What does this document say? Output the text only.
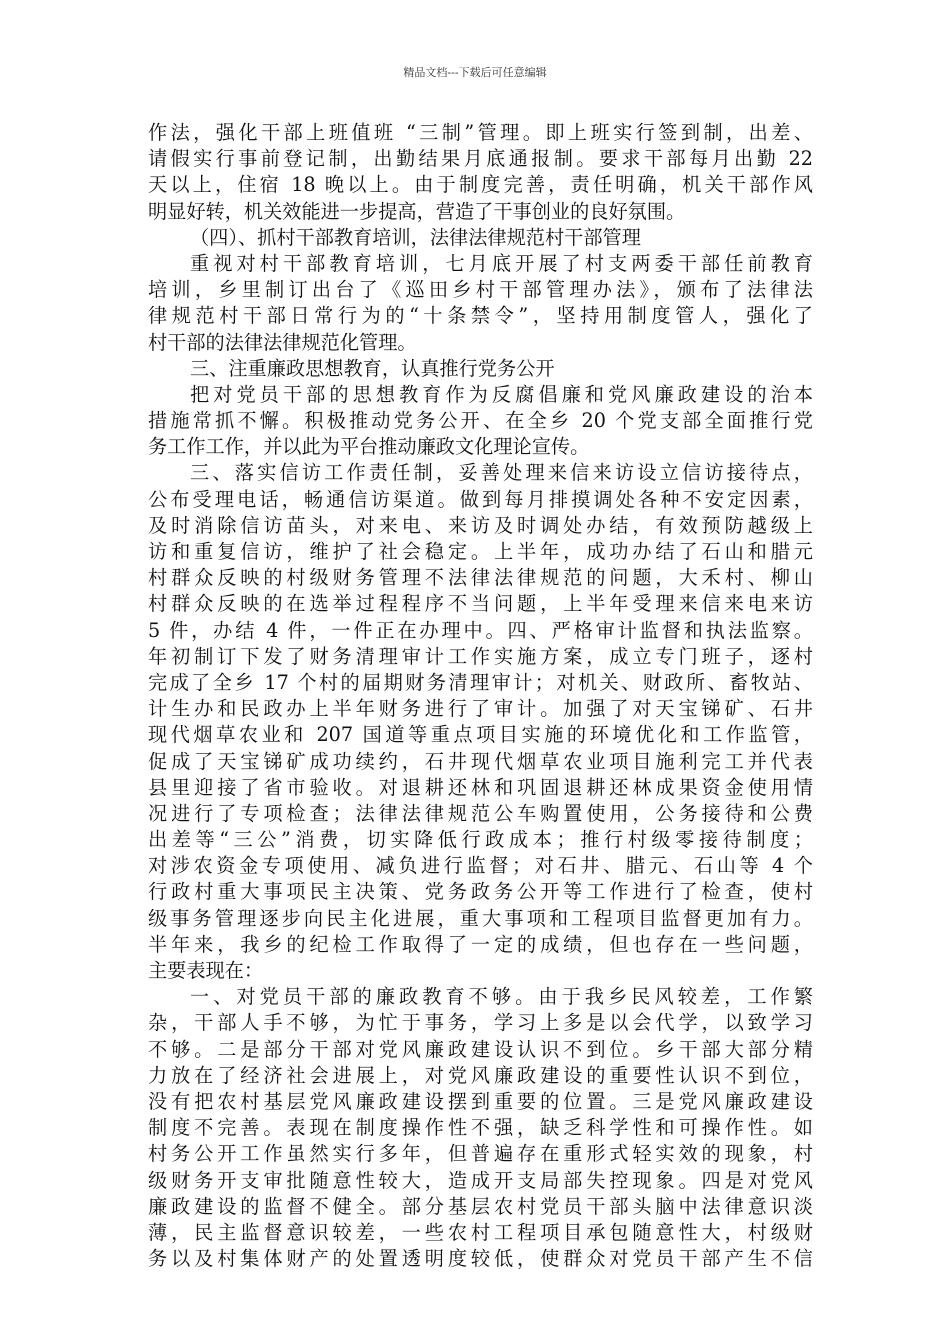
精品文档---下载后可任意编辑
作法，强化干部上班值班 “三制”管理。即上班实行签到制，出差、
请假实行事前登记制，出勤结果月底通报制。要求干部每月出勤 22
天以上，住宿 18 晚以上。由于制度完善，责任明确，机关干部作风
明显好转，机关效能进一步提高，营造了干事创业的良好氛围。
（四）、抓村干部教育培训，法律法律规范村干部管理
重视对村干部教育培训，七月底开展了村支两委干部任前教育
培训，乡里制订出台了《巡田乡村干部管理办法》，颁布了法律法
律规范村干部日常行为的“十条禁令”，坚持用制度管人，强化了
村干部的法律法律规范化管理。
三、注重廉政思想教育，认真推行党务公开
把对党员干部的思想教育作为反腐倡廉和党风廉政建设的治本
措施常抓不懈。积极推动党务公开、在全乡 20 个党支部全面推行党
务工作工作，并以此为平台推动廉政文化理论宣传。
三、落实信访工作责任制，妥善处理来信来访设立信访接待点，
公布受理电话，畅通信访渠道。做到每月排摸调处各种不安定因素，
及时消除信访苗头，对来电、来访及时调处办结，有效预防越级上
访和重复信访，维护了社会稳定。上半年，成功办结了石山和腊元
村群众反映的村级财务管理不法律法律规范的问题，大禾村、柳山
村群众反映的在选举过程程序不当问题，上半年受理来信来电来访
5 件，办结 4 件，一件正在办理中。四、严格审计监督和执法监察。
年初制订下发了财务清理审计工作实施方案，成立专门班子，逐村
完成了全乡 17 个村的届期财务清理审计；对机关、财政所、畜牧站、
计生办和民政办上半年财务进行了审计。加强了对天宝锑矿、石井
现代烟草农业和 207 国道等重点项目实施的环境优化和工作监管，
促成了天宝锑矿成功续约，石井现代烟草农业项目施利完工并代表
县里迎接了省市验收。对退耕还林和巩固退耕还林成果资金使用情
况进行了专项检查；法律法律规范公车购置使用，公务接待和公费
出差等“三公”消费，切实降低行政成本；推行村级零接待制度；
对涉农资金专项使用、减负进行监督；对石井、腊元、石山等 4 个
行政村重大事项民主决策、党务政务公开等工作进行了检查，使村
级事务管理逐步向民主化进展，重大事项和工程项目监督更加有力。
半年来，我乡的纪检工作取得了一定的成绩，但也存在一些问题，
主要表现在：
一、对党员干部的廉政教育不够。由于我乡民风较差，工作繁
杂，干部人手不够，为忙于事务，学习上多是以会代学，以致学习
不够。二是部分干部对党风廉政建设认识不到位。乡干部大部分精
力放在了经济社会进展上，对党风廉政建设的重要性认识不到位，
没有把农村基层党风廉政建设摆到重要的位置。三是党风廉政建设
制度不完善。表现在制度操作性不强，缺乏科学性和可操作性。如
村务公开工作虽然实行多年，但普遍存在重形式轻实效的现象，村
级财务开支审批随意性较大，造成开支局部失控现象。四是对党风
廉政建设的监督不健全。部分基层农村党员干部头脑中法律意识淡
薄，民主监督意识较差，一些农村工程项目承包随意性大，村级财
务以及村集体财产的处置透明度较低，使群众对党员干部产生不信
